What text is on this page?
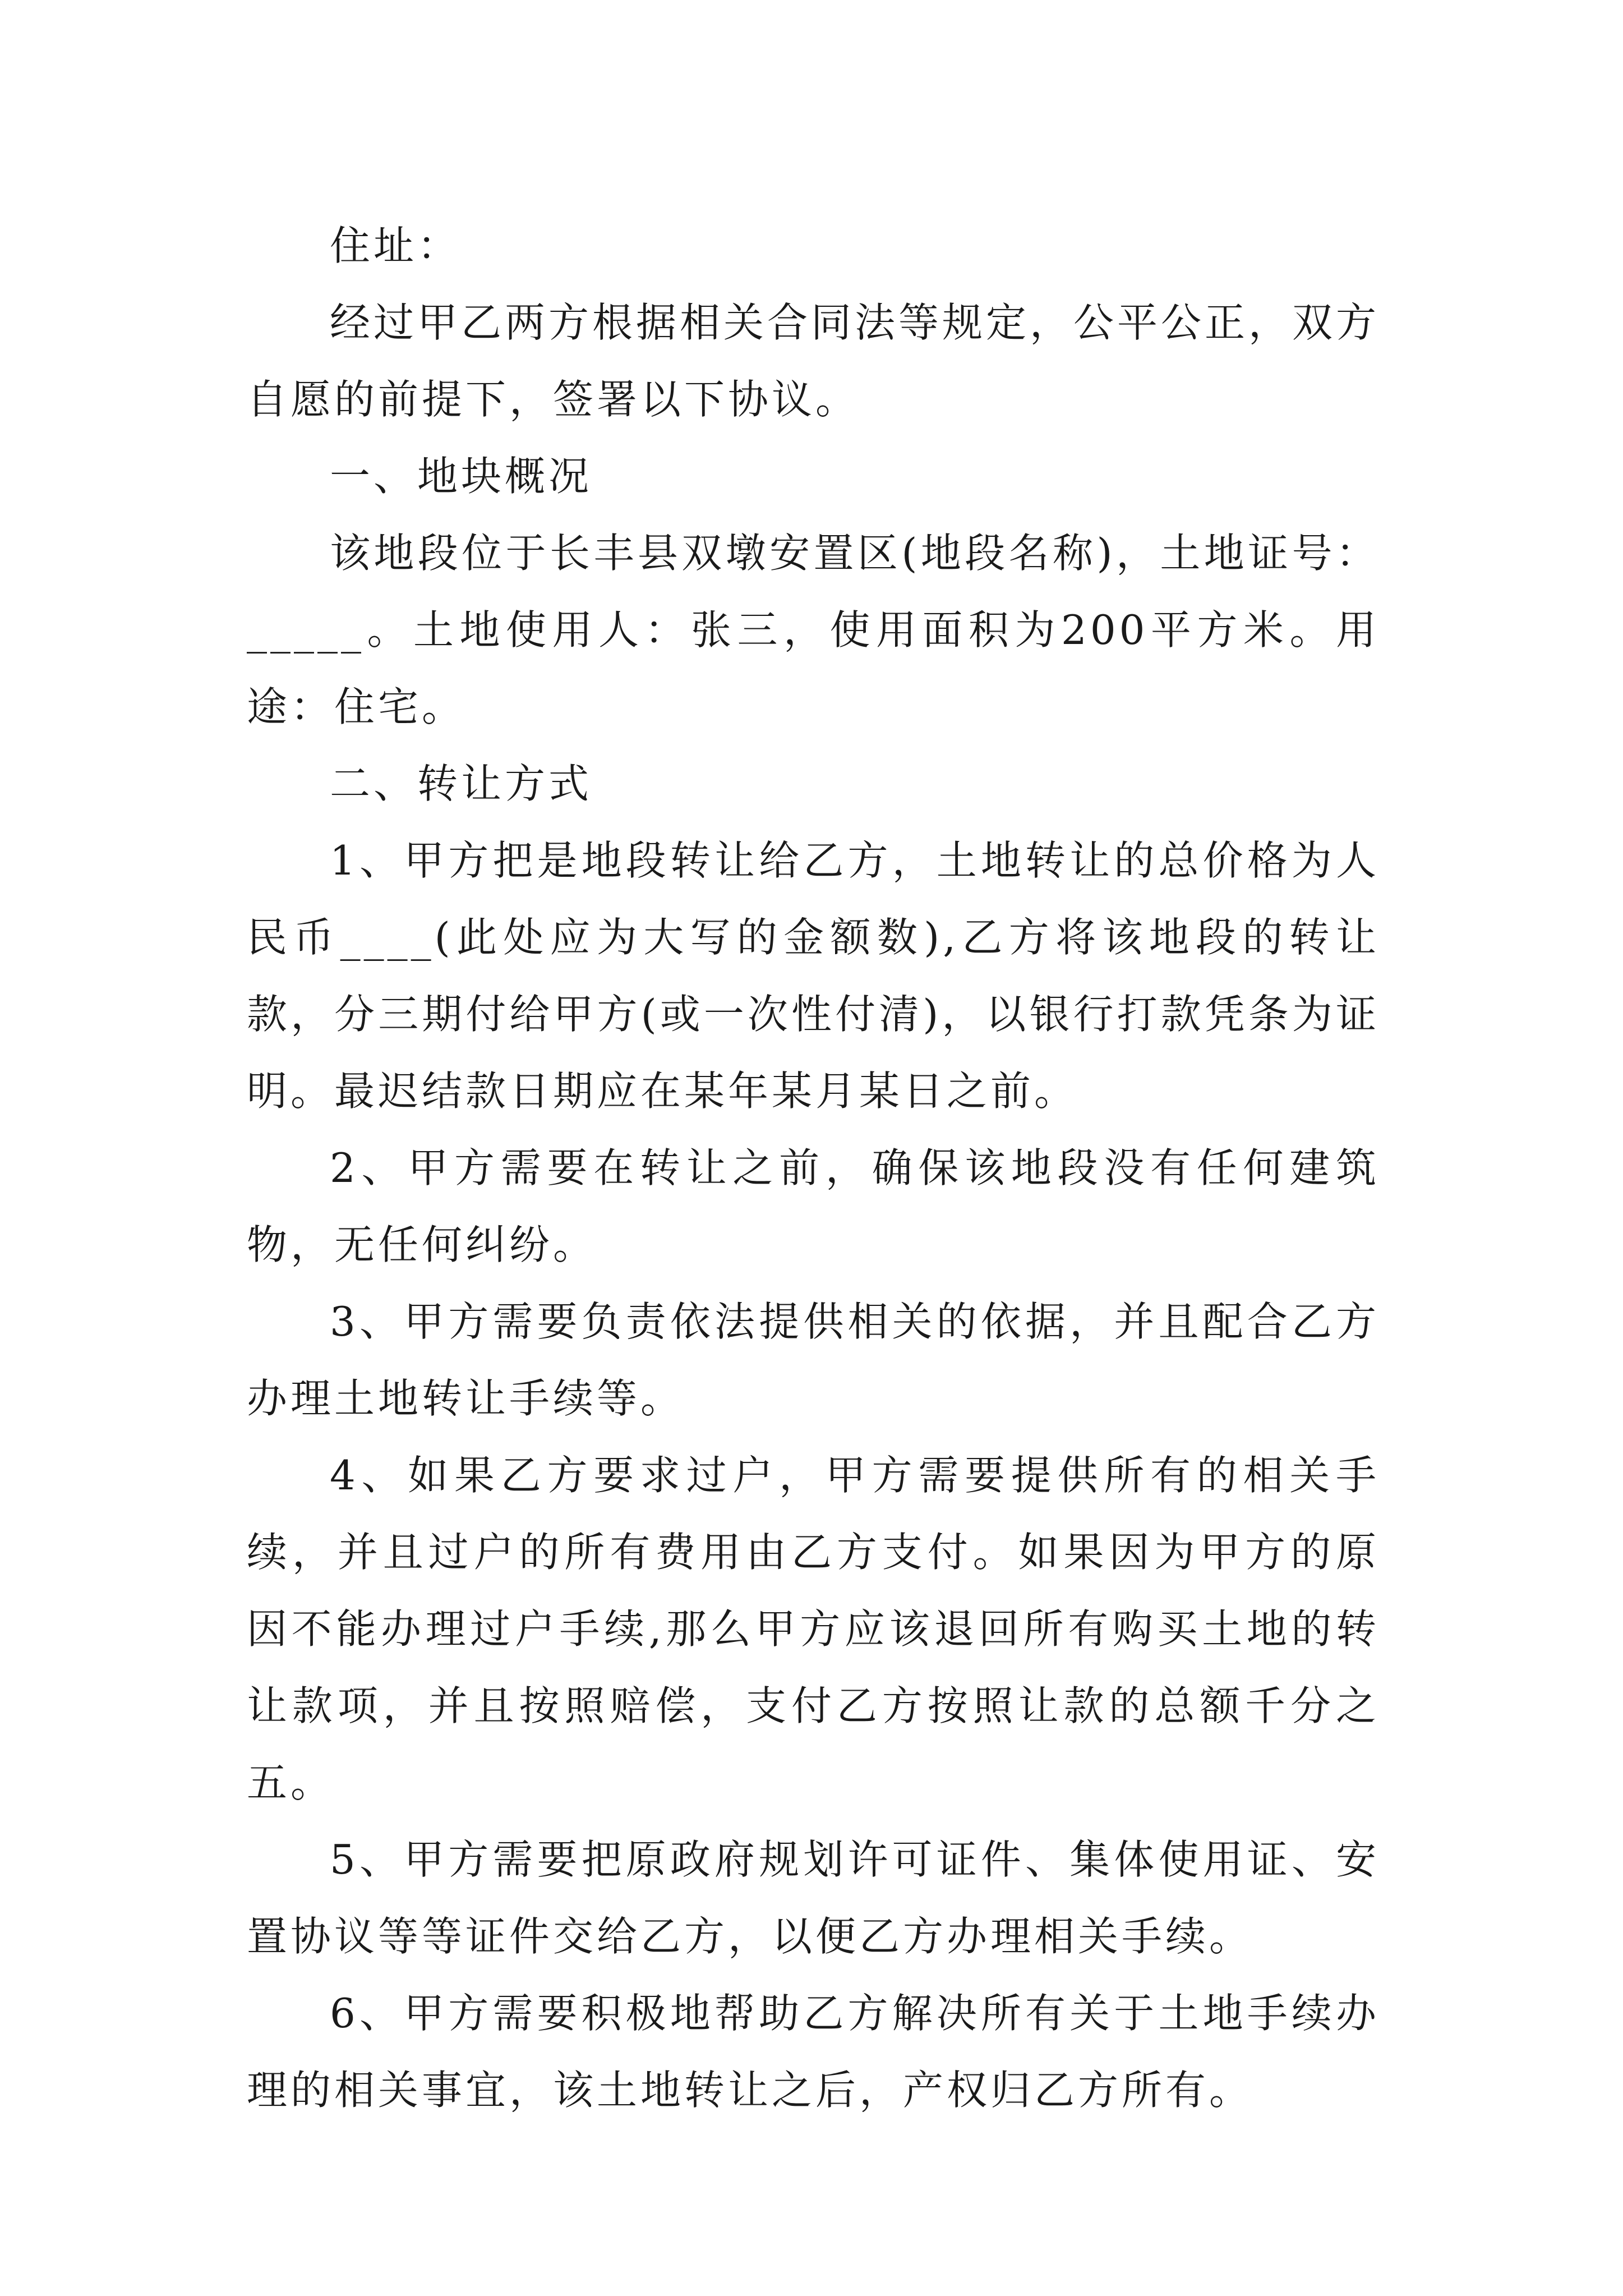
住址：

经过甲乙两方根据相关合同法等规定，公平公正，双方自愿的前提下，签署以下协议。

一、地块概况

该地段位于长丰县双墩安置区(地段名称)，土地证号：_____。土地使用人：张三，使用面积为200平方米。用途：住宅。

二、转让方式

1、甲方把是地段转让给乙方，土地转让的总价格为人民币____(此处应为大写的金额数),乙方将该地段的转让款，分三期付给甲方(或一次性付清)，以银行打款凭条为证明。最迟结款日期应在某年某月某日之前。

2、甲方需要在转让之前，确保该地段没有任何建筑物，无任何纠纷。

3、甲方需要负责依法提供相关的依据，并且配合乙方办理土地转让手续等。

4、如果乙方要求过户，甲方需要提供所有的相关手续，并且过户的所有费用由乙方支付。如果因为甲方的原因不能办理过户手续,那么甲方应该退回所有购买土地的转让款项，并且按照赔偿，支付乙方按照让款的总额千分之五。

5、甲方需要把原政府规划许可证件、集体使用证、安置协议等等证件交给乙方，以便乙方办理相关手续。

6、甲方需要积极地帮助乙方解决所有关于土地手续办理的相关事宜，该土地转让之后，产权归乙方所有。
